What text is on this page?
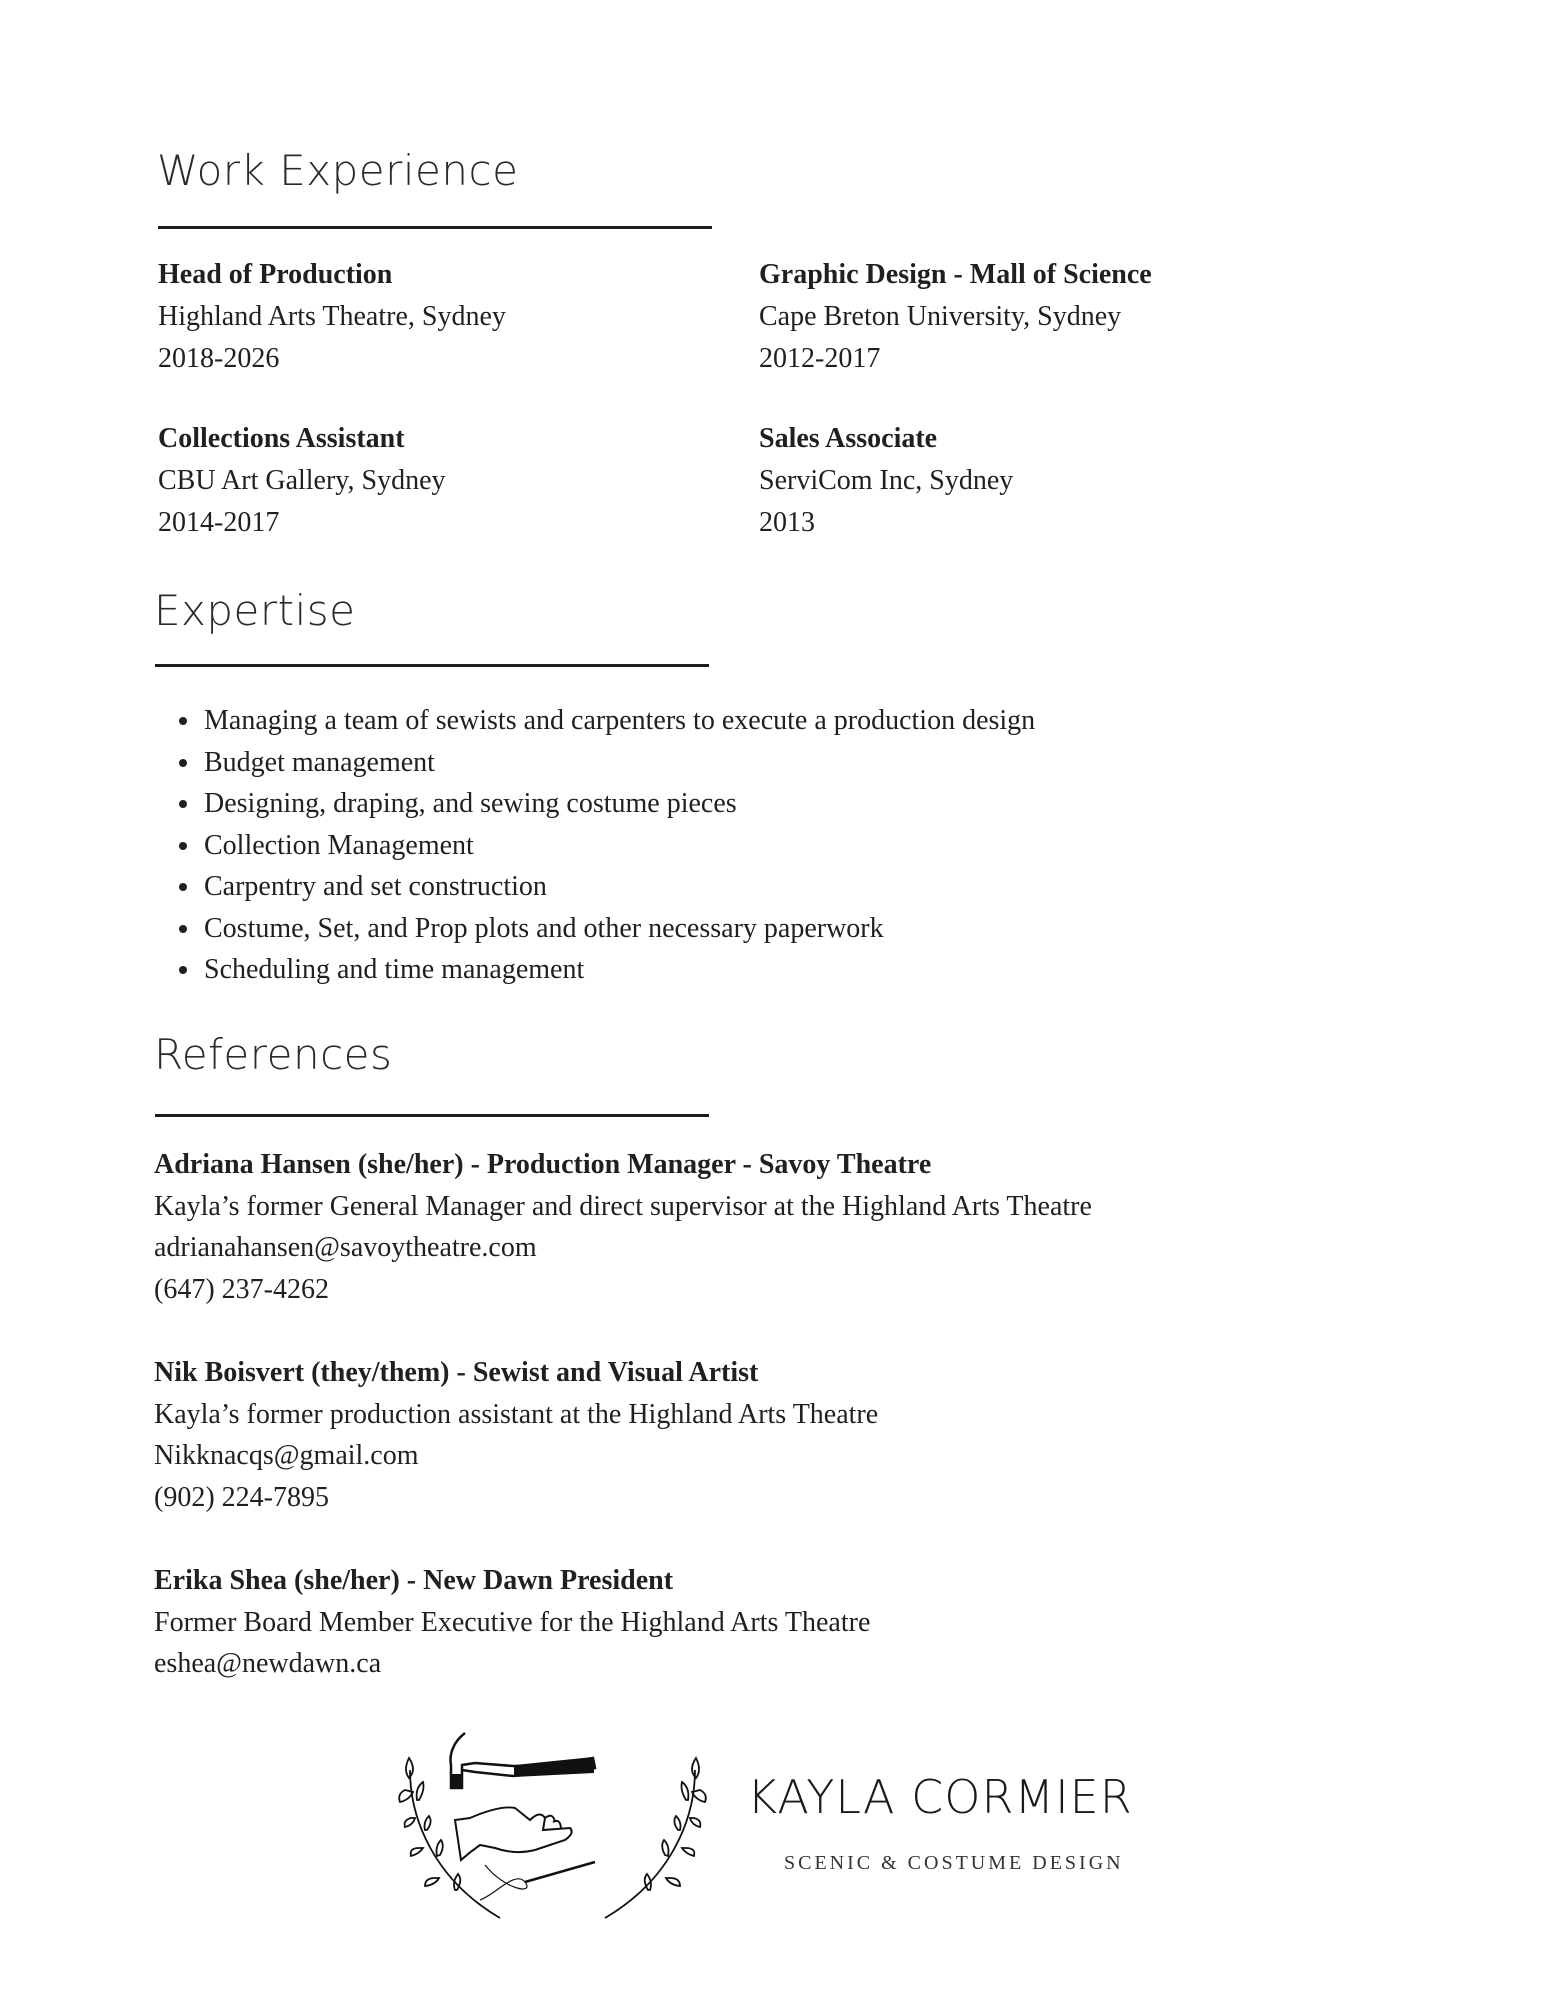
Work Experience
Head of Production
Highland Arts Theatre, Sydney
2018-2026
Graphic Design - Mall of Science
Cape Breton University, Sydney
2012-2017
Collections Assistant
CBU Art Gallery, Sydney
2014-2017
Sales Associate
ServiCom Inc, Sydney
2013
Expertise
• Managing a team of sewists and carpenters to execute a production design
• Budget management
• Designing, draping, and sewing costume pieces
• Collection Management
• Carpentry and set construction
• Costume, Set, and Prop plots and other necessary paperwork
• Scheduling and time management
References
Adriana Hansen (she/her) - Production Manager - Savoy Theatre
Kayla’s former General Manager and direct supervisor at the Highland Arts Theatre
adrianahansen@savoytheatre.com
(647) 237-4262
Nik Boisvert (they/them) - Sewist and Visual Artist
Kayla’s former production assistant at the Highland Arts Theatre
Nikknacqs@gmail.com
(902) 224-7895
Erika Shea (she/her) - New Dawn President
Former Board Member Executive for the Highland Arts Theatre
eshea@newdawn.ca
KAYLA CORMIER
SCENIC & COSTUME DESIGN
